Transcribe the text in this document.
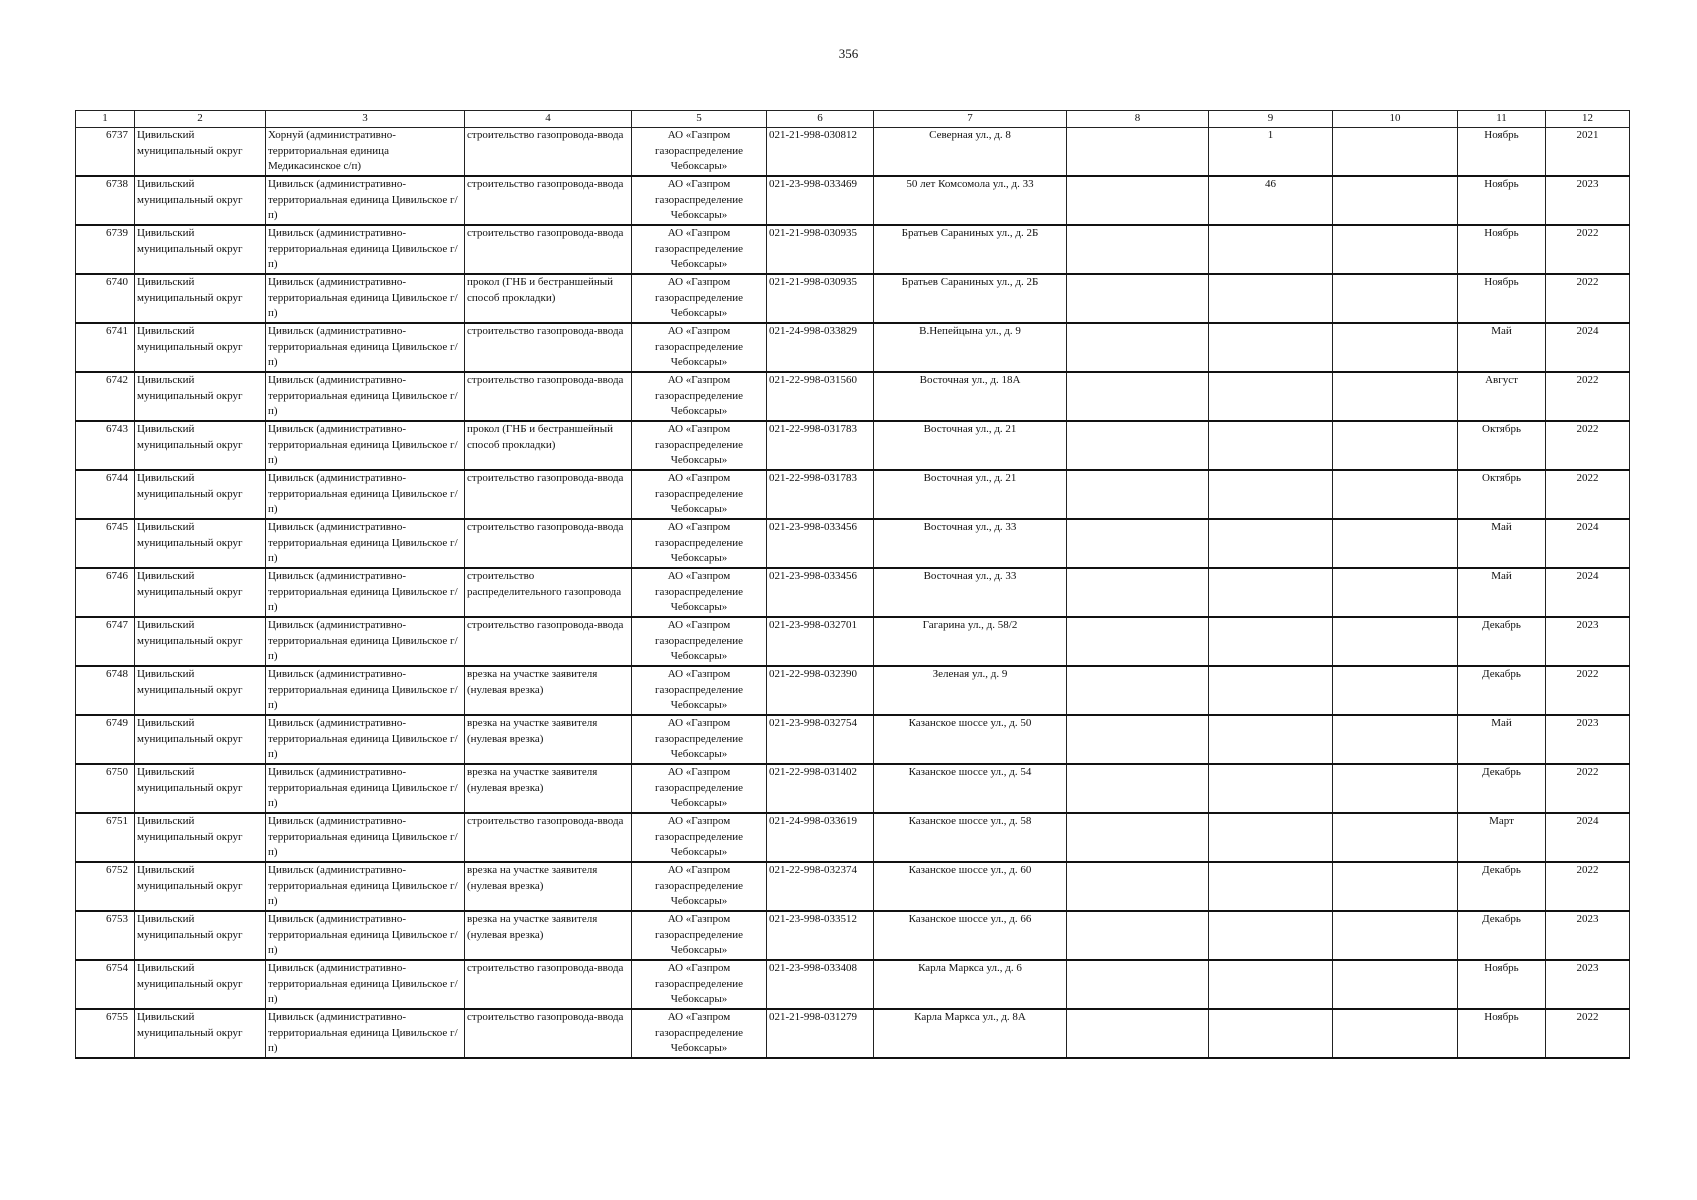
356
1	2	3	4	5	6	7	8	9	10	11	12
6737	Цивильский муниципальный округ	Хорнуй (административно-территориальная единица Медикасинское с/п)	строительство газопровода-ввода	АО «Газпром газораспределение Чебоксары»	021-21-998-030812	Северная ул., д. 8		1		Ноябрь	2021
6738	Цивильский муниципальный округ	Цивильск (административно-территориальная единица Цивильское г/п)	строительство газопровода-ввода	АО «Газпром газораспределение Чебоксары»	021-23-998-033469	50 лет Комсомола ул., д. 33		46		Ноябрь	2023
6739	Цивильский муниципальный округ	Цивильск (административно-территориальная единица Цивильское г/п)	строительство газопровода-ввода	АО «Газпром газораспределение Чебоксары»	021-21-998-030935	Братьев Сараниных ул., д. 2Б				Ноябрь	2022
6740	Цивильский муниципальный округ	Цивильск (административно-территориальная единица Цивильское г/п)	прокол (ГНБ и бестраншейный способ прокладки)	АО «Газпром газораспределение Чебоксары»	021-21-998-030935	Братьев Сараниных ул., д. 2Б				Ноябрь	2022
6741	Цивильский муниципальный округ	Цивильск (административно-территориальная единица Цивильское г/п)	строительство газопровода-ввода	АО «Газпром газораспределение Чебоксары»	021-24-998-033829	В.Непейцына ул., д. 9				Май	2024
6742	Цивильский муниципальный округ	Цивильск (административно-территориальная единица Цивильское г/п)	строительство газопровода-ввода	АО «Газпром газораспределение Чебоксары»	021-22-998-031560	Восточная ул., д. 18А				Август	2022
6743	Цивильский муниципальный округ	Цивильск (административно-территориальная единица Цивильское г/п)	прокол (ГНБ и бестраншейный способ прокладки)	АО «Газпром газораспределение Чебоксары»	021-22-998-031783	Восточная ул., д. 21				Октябрь	2022
6744	Цивильский муниципальный округ	Цивильск (административно-территориальная единица Цивильское г/п)	строительство газопровода-ввода	АО «Газпром газораспределение Чебоксары»	021-22-998-031783	Восточная ул., д. 21				Октябрь	2022
6745	Цивильский муниципальный округ	Цивильск (административно-территориальная единица Цивильское г/п)	строительство газопровода-ввода	АО «Газпром газораспределение Чебоксары»	021-23-998-033456	Восточная ул., д. 33				Май	2024
6746	Цивильский муниципальный округ	Цивильск (административно-территориальная единица Цивильское г/п)	строительство распределительного газопровода	АО «Газпром газораспределение Чебоксары»	021-23-998-033456	Восточная ул., д. 33				Май	2024
6747	Цивильский муниципальный округ	Цивильск (административно-территориальная единица Цивильское г/п)	строительство газопровода-ввода	АО «Газпром газораспределение Чебоксары»	021-23-998-032701	Гагарина ул., д. 58/2				Декабрь	2023
6748	Цивильский муниципальный округ	Цивильск (административно-территориальная единица Цивильское г/п)	врезка на участке заявителя (нулевая врезка)	АО «Газпром газораспределение Чебоксары»	021-22-998-032390	Зеленая ул., д. 9				Декабрь	2022
6749	Цивильский муниципальный округ	Цивильск (административно-территориальная единица Цивильское г/п)	врезка на участке заявителя (нулевая врезка)	АО «Газпром газораспределение Чебоксары»	021-23-998-032754	Казанское шоссе ул., д. 50				Май	2023
6750	Цивильский муниципальный округ	Цивильск (административно-территориальная единица Цивильское г/п)	врезка на участке заявителя (нулевая врезка)	АО «Газпром газораспределение Чебоксары»	021-22-998-031402	Казанское шоссе ул., д. 54				Декабрь	2022
6751	Цивильский муниципальный округ	Цивильск (административно-территориальная единица Цивильское г/п)	строительство газопровода-ввода	АО «Газпром газораспределение Чебоксары»	021-24-998-033619	Казанское шоссе ул., д. 58				Март	2024
6752	Цивильский муниципальный округ	Цивильск (административно-территориальная единица Цивильское г/п)	врезка на участке заявителя (нулевая врезка)	АО «Газпром газораспределение Чебоксары»	021-22-998-032374	Казанское шоссе ул., д. 60				Декабрь	2022
6753	Цивильский муниципальный округ	Цивильск (административно-территориальная единица Цивильское г/п)	врезка на участке заявителя (нулевая врезка)	АО «Газпром газораспределение Чебоксары»	021-23-998-033512	Казанское шоссе ул., д. 66				Декабрь	2023
6754	Цивильский муниципальный округ	Цивильск (административно-территориальная единица Цивильское г/п)	строительство газопровода-ввода	АО «Газпром газораспределение Чебоксары»	021-23-998-033408	Карла Маркса ул., д. 6				Ноябрь	2023
6755	Цивильский муниципальный округ	Цивильск (административно-территориальная единица Цивильское г/п)	строительство газопровода-ввода	АО «Газпром газораспределение Чебоксары»	021-21-998-031279	Карла Маркса ул., д. 8А				Ноябрь	2022
